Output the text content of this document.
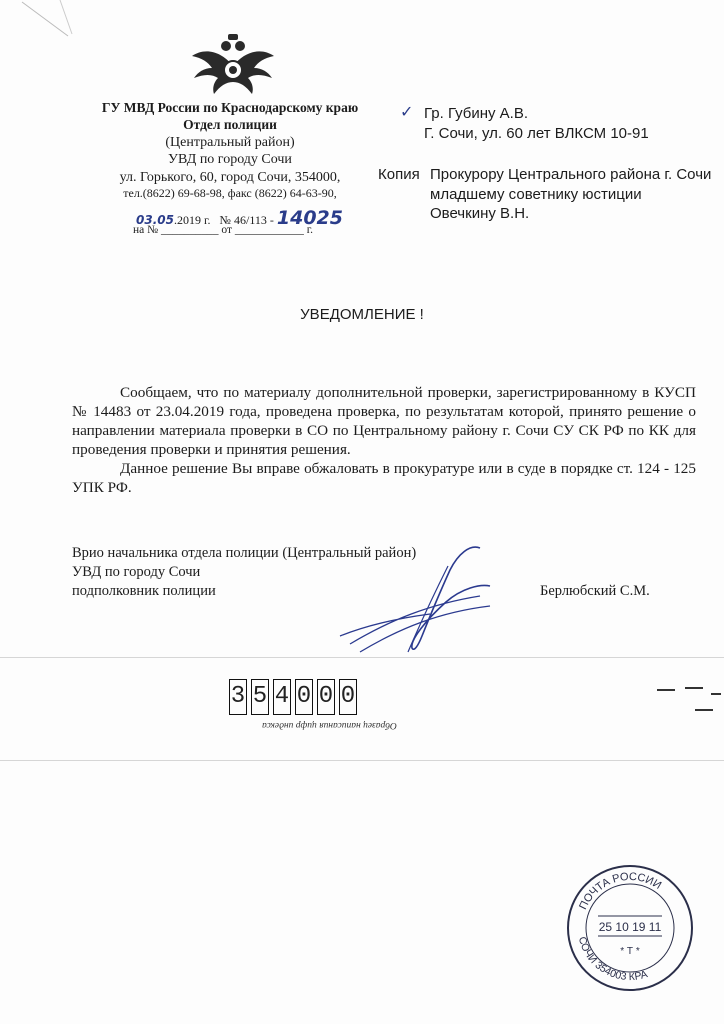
ГУ МВД России по Краснодарскому краю
Отдел полиции
(Центральный район)
УВД по городу Сочи
ул. Горького, 60, город Сочи, 354000,
тел.(8622) 69-68-98, факс (8622) 64-63-90,
03.05.2019 г. № 46/113 - 14025
на № __________ от ____________ г.
✓ Гр. Губину А.В.
Г. Сочи, ул. 60 лет ВЛКСМ 10-91
Копия Прокурору Центрального района г. Сочи
младшему советнику юстиции
Овечкину В.Н.
УВЕДОМЛЕНИЕ !

Сообщаем, что по материалу дополнительной проверки, зарегистрированному в КУСП № 14483 от 23.04.2019 года, проведена проверка, по результатам которой, принято решение о направлении материала проверки в СО по Центральному району г. Сочи СУ СК РФ по КК для проведения проверки и принятия решения.

Данное решение Вы вправе обжаловать в прокуратуре или в суде в порядке ст. 124 - 125 УПК РФ.

Врио начальника отдела полиции (Центральный район)
УВД по городу Сочи
подполковник полиции	Берлюбский С.М.
3 5 4 0 0 0
Образец написания цифр индекса
ПОЧТА РОССИИ
25 10 19 11
* Т *
СОЧИ 354003 КРА
